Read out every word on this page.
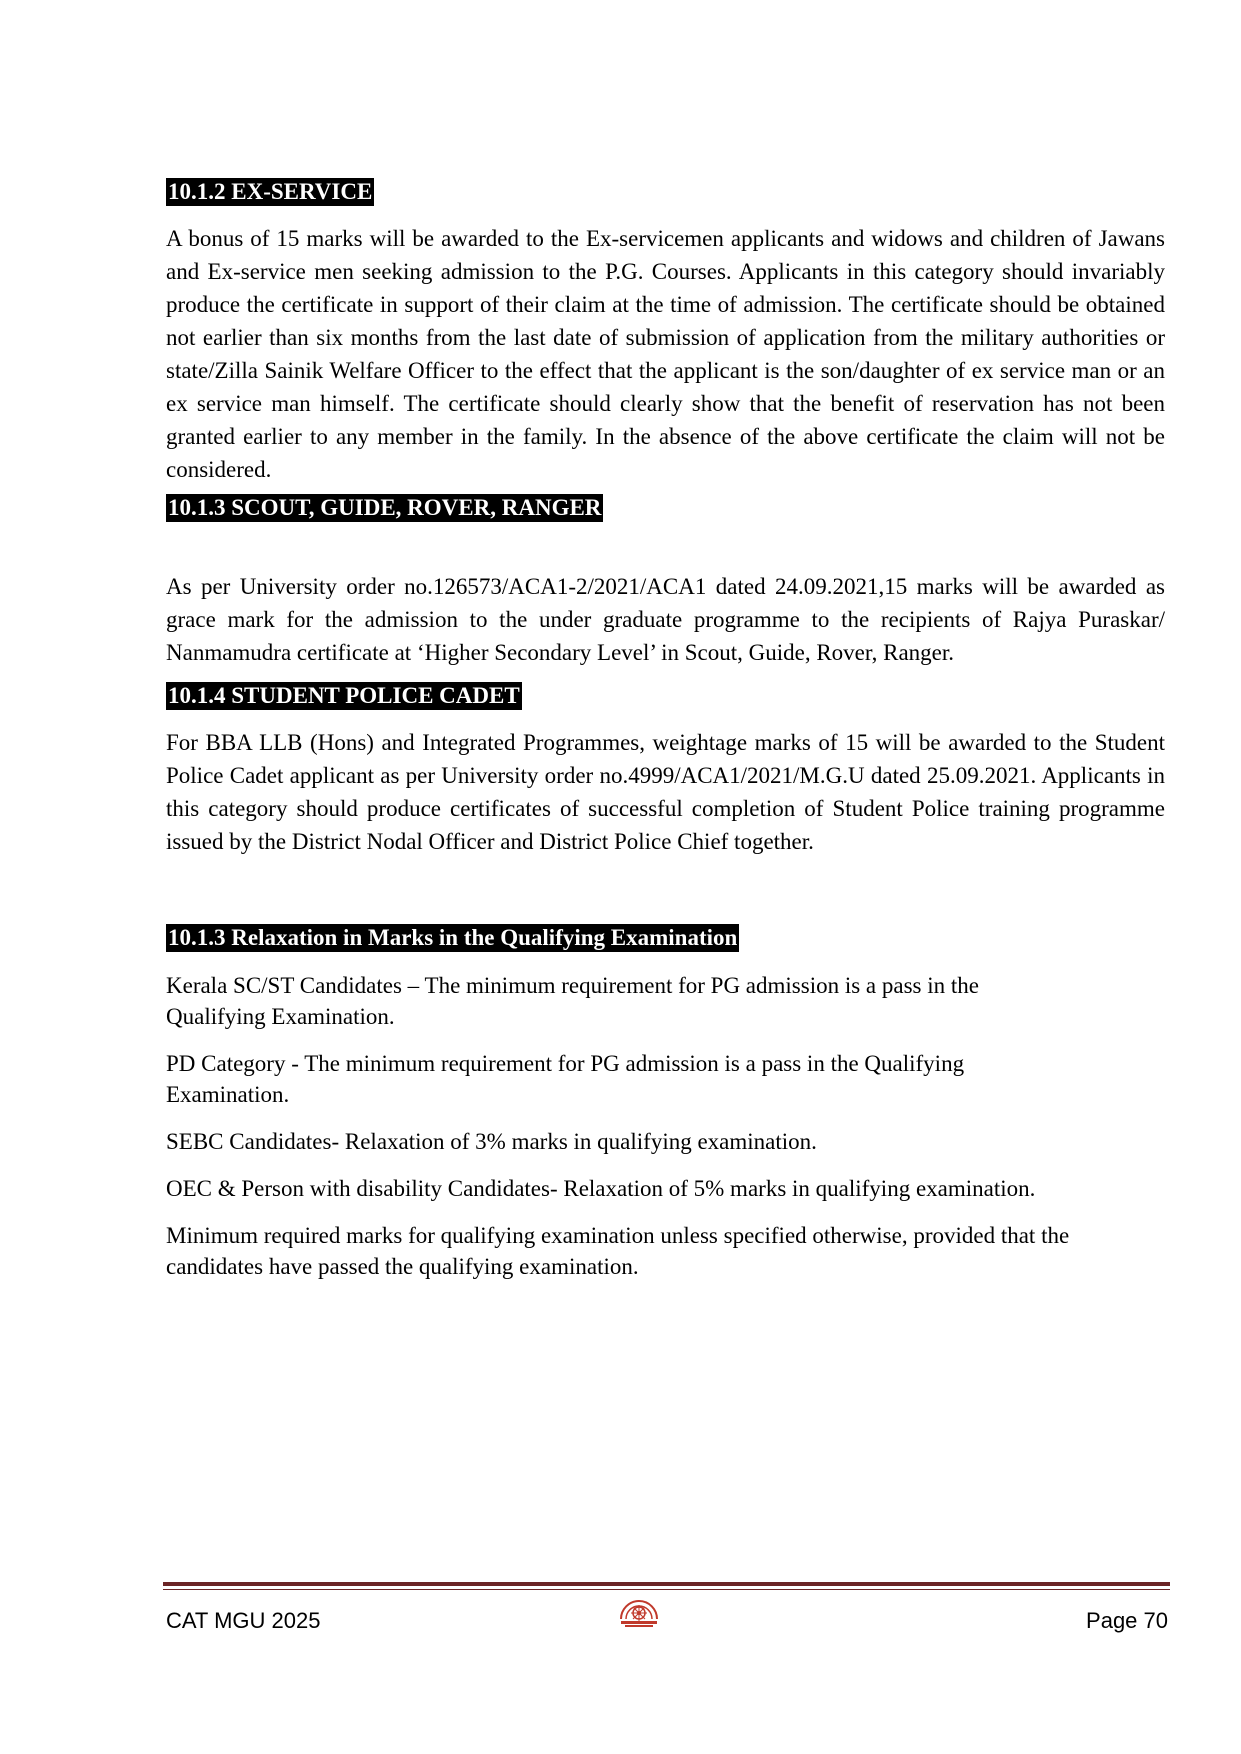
10.1.2 EX-SERVICE

A bonus of 15 marks will be awarded to the Ex-servicemen applicants and widows and children of Jawans and Ex-service men seeking admission to the P.G. Courses. Applicants in this category should invariably produce the certificate in support of their claim at the time of admission. The certificate should be obtained not earlier than six months from the last date of submission of application from the military authorities or state/Zilla Sainik Welfare Officer to the effect that the applicant is the son/daughter of ex service man or an ex service man himself. The certificate should clearly show that the benefit of reservation has not been granted earlier to any member in the family. In the absence of the above certificate the claim will not be considered.

10.1.3 SCOUT, GUIDE, ROVER, RANGER

As per University order no.126573/ACA1-2/2021/ACA1 dated 24.09.2021,15 marks will be awarded as grace mark for the admission to the under graduate programme to the recipients of Rajya Puraskar/ Nanmamudra certificate at ‘Higher Secondary Level’ in Scout, Guide, Rover, Ranger.

10.1.4 STUDENT POLICE CADET

For BBA LLB (Hons) and Integrated Programmes, weightage marks of 15 will be awarded to the Student Police Cadet applicant as per University order no.4999/ACA1/2021/M.G.U dated 25.09.2021. Applicants in this category should produce certificates of successful completion of Student Police training programme issued by the District Nodal Officer and District Police Chief together.

10.1.3 Relaxation in Marks in the Qualifying Examination

Kerala SC/ST Candidates – The minimum requirement for PG admission is a pass in the Qualifying Examination.

PD Category - The minimum requirement for PG admission is a pass in the Qualifying Examination.

SEBC Candidates- Relaxation of 3% marks in qualifying examination.

OEC & Person with disability Candidates- Relaxation of 5% marks in qualifying examination.

Minimum required marks for qualifying examination unless specified otherwise, provided that the candidates have passed the qualifying examination.

CAT MGU 2025	Page 70
